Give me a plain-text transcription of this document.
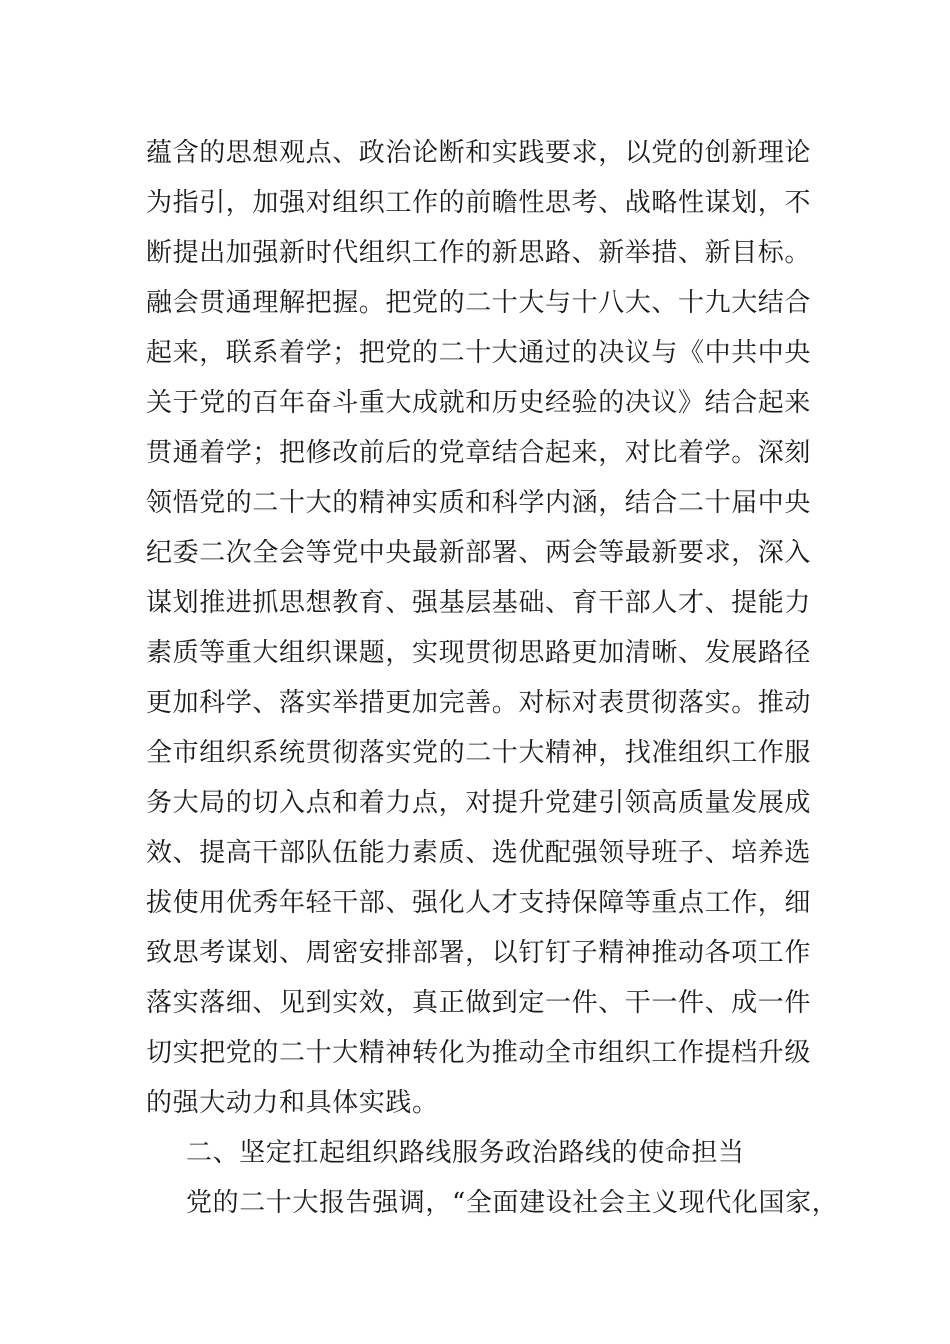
蕴含的思想观点、政治论断和实践要求，以党的创新理论
为指引，加强对组织工作的前瞻性思考、战略性谋划，不
断提出加强新时代组织工作的新思路、新举措、新目标。
融会贯通理解把握。把党的二十大与十八大、十九大结合
起来，联系着学；把党的二十大通过的决议与《中共中央
关于党的百年奋斗重大成就和历史经验的决议》结合起来
贯通着学；把修改前后的党章结合起来，对比着学。深刻
领悟党的二十大的精神实质和科学内涵，结合二十届中央
纪委二次全会等党中央最新部署、两会等最新要求，深入
谋划推进抓思想教育、强基层基础、育干部人才、提能力
素质等重大组织课题，实现贯彻思路更加清晰、发展路径
更加科学、落实举措更加完善。对标对表贯彻落实。推动
全市组织系统贯彻落实党的二十大精神，找准组织工作服
务大局的切入点和着力点，对提升党建引领高质量发展成
效、提高干部队伍能力素质、选优配强领导班子、培养选
拔使用优秀年轻干部、强化人才支持保障等重点工作，细
致思考谋划、周密安排部署，以钉钉子精神推动各项工作
落实落细、见到实效，真正做到定一件、干一件、成一件
切实把党的二十大精神转化为推动全市组织工作提档升级
的强大动力和具体实践。
二、坚定扛起组织路线服务政治路线的使命担当
党的二十大报告强调，“全面建设社会主义现代化国家，
